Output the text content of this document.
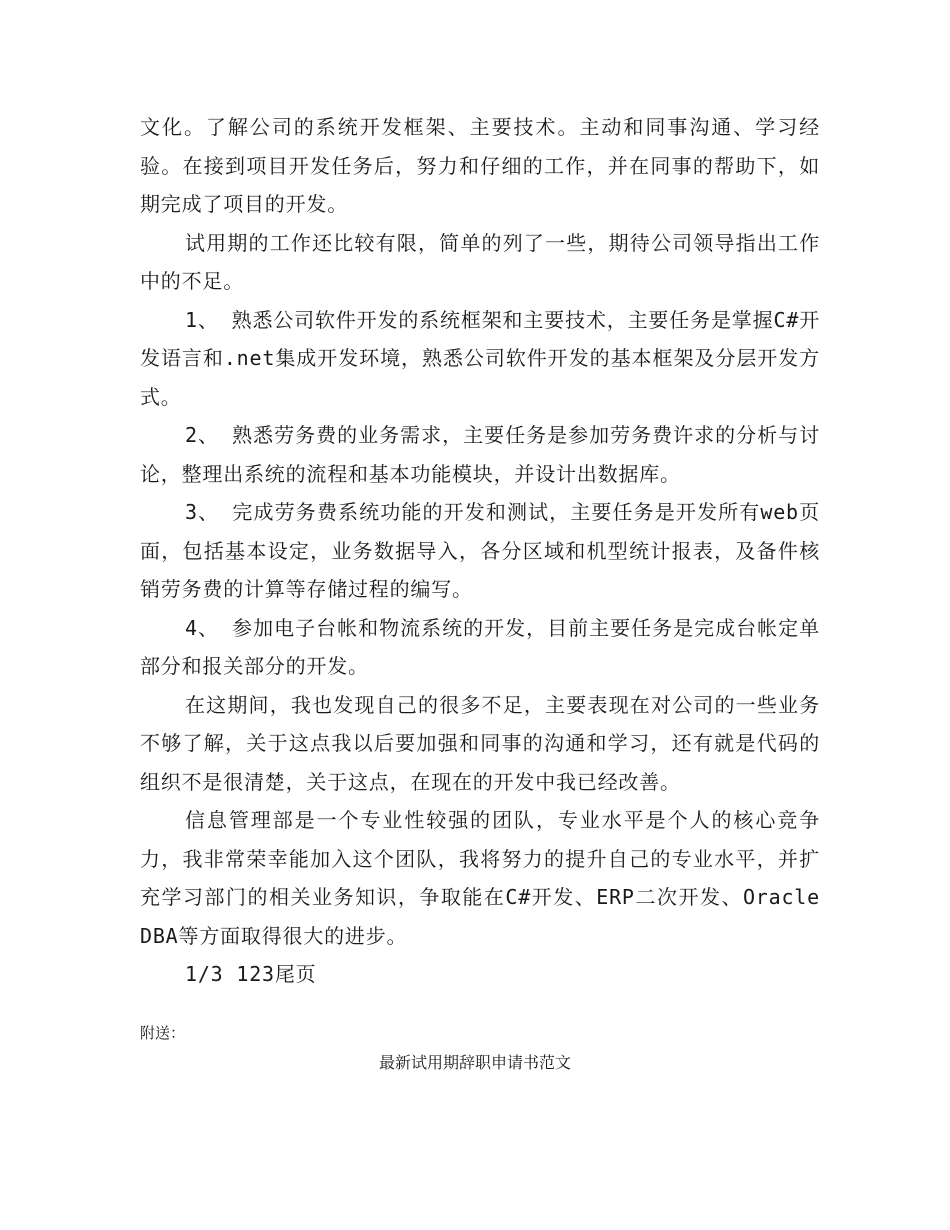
文化。了解公司的系统开发框架、主要技术。主动和同事沟通、学习经验。在接到项目开发任务后，努力和仔细的工作，并在同事的帮助下，如期完成了项目的开发。

试用期的工作还比较有限，简单的列了一些，期待公司领导指出工作中的不足。

1、 熟悉公司软件开发的系统框架和主要技术，主要任务是掌握C#开发语言和.net集成开发环境，熟悉公司软件开发的基本框架及分层开发方式。

2、 熟悉劳务费的业务需求，主要任务是参加劳务费许求的分析与讨论，整理出系统的流程和基本功能模块，并设计出数据库。

3、 完成劳务费系统功能的开发和测试，主要任务是开发所有web页面，包括基本设定，业务数据导入，各分区域和机型统计报表，及备件核销劳务费的计算等存储过程的编写。

4、 参加电子台帐和物流系统的开发，目前主要任务是完成台帐定单部分和报关部分的开发。

在这期间，我也发现自己的很多不足，主要表现在对公司的一些业务不够了解，关于这点我以后要加强和同事的沟通和学习，还有就是代码的组织不是很清楚，关于这点，在现在的开发中我已经改善。

信息管理部是一个专业性较强的团队，专业水平是个人的核心竞争力，我非常荣幸能加入这个团队，我将努力的提升自己的专业水平，并扩充学习部门的相关业务知识，争取能在C#开发、ERP二次开发、Oracle DBA等方面取得很大的进步。

1/3 123尾页

附送：
最新试用期辞职申请书范文
